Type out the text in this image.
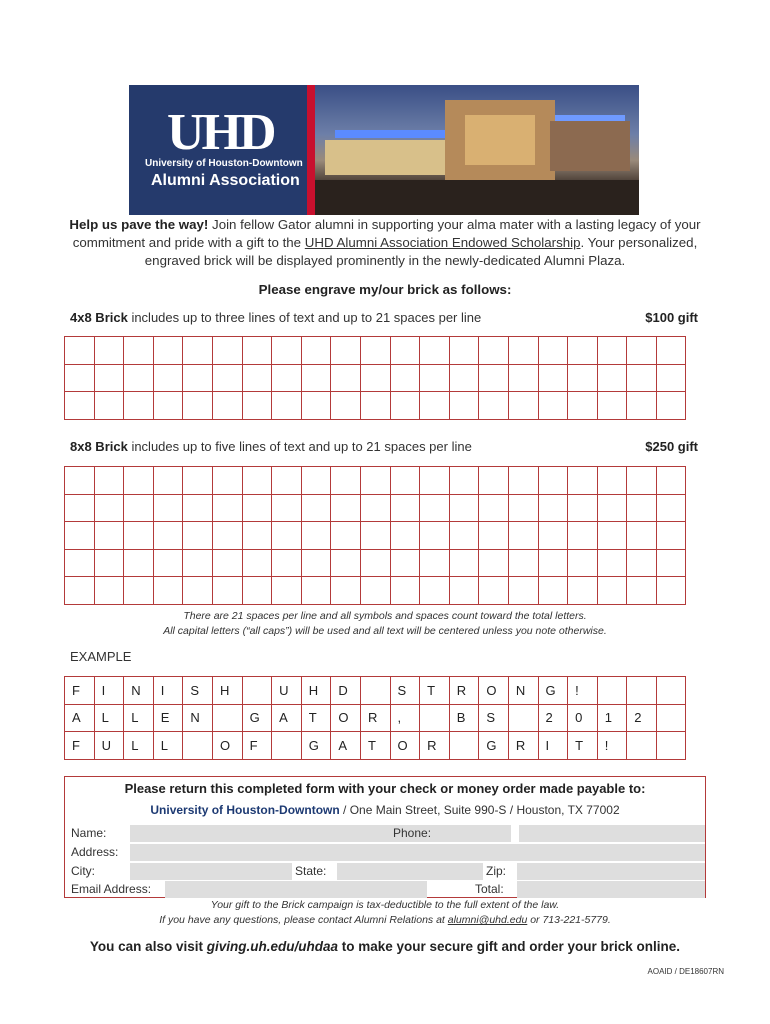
UHD
University of Houston-Downtown
Alumni Association
Help us pave the way! Join fellow Gator alumni in supporting your alma mater with a lasting legacy of your commitment and pride with a gift to the UHD Alumni Association Endowed Scholarship. Your personalized, engraved brick will be displayed prominently in the newly-dedicated Alumni Plaza.
Please engrave my/our brick as follows:
4x8 Brick includes up to three lines of text and up to 21 spaces per line	$100 gift

8x8 Brick includes up to five lines of text and up to 21 spaces per line	$250 gift

There are 21 spaces per line and all symbols and spaces count toward the total letters.
All capital letters (“all caps”) will be used and all text will be centered unless you note otherwise.
EXAMPLE
F	I	N	I	S	H		U	H	D		S	T	R	O	N	G	!			
A	L	L	E	N		G	A	T	O	R	,		B	S		2	0	1	2	
F	U	L	L		O	F		G	A	T	O	R		G	R	I	T	!		
Please return this completed form with your check or money order made payable to:
University of Houston-Downtown / One Main Street, Suite 990-S / Houston, TX 77002
Name:	Phone:
Address:
City:	State:	Zip:
Email Address:	Total:
Your gift to the Brick campaign is tax-deductible to the full extent of the law.
If you have any questions, please contact Alumni Relations at alumni@uhd.edu or 713-221-5779.
You can also visit giving.uh.edu/uhdaa to make your secure gift and order your brick online.
AOAID / DE18607RN
